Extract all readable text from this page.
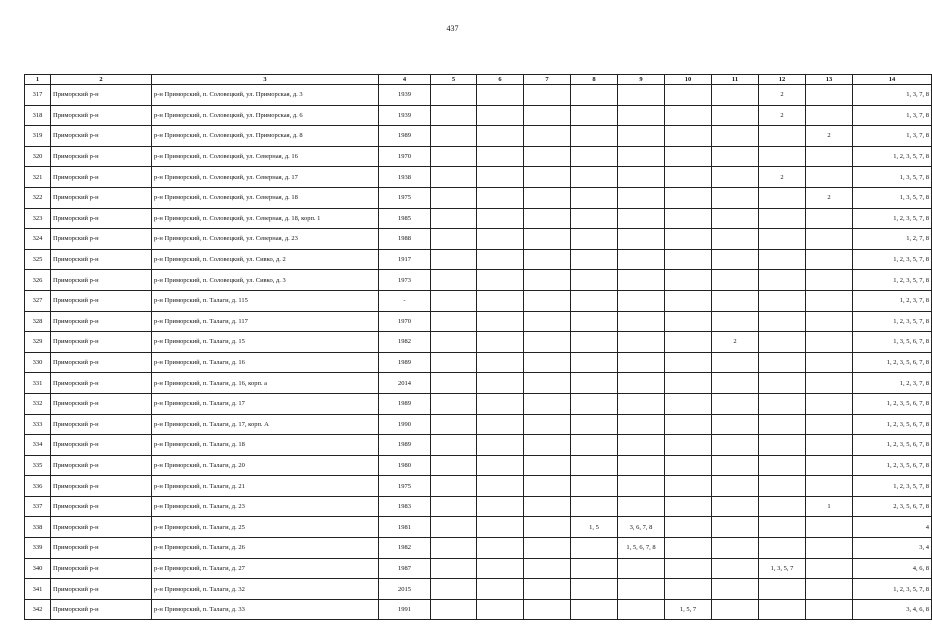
437
1	2	3	4	5	6	7	8	9	10	11	12	13	14
317	Приморский р-н	р-н Приморский, п. Соловецкий, ул. Приморская, д. 3	1939								2		1, 3, 7, 8
318	Приморский р-н	р-н Приморский, п. Соловецкий, ул. Приморская, д. 6	1939								2		1, 3, 7, 8
319	Приморский р-н	р-н Приморский, п. Соловецкий, ул. Приморская, д. 8	1989									2	1, 3, 7, 8
320	Приморский р-н	р-н Приморский, п. Соловецкий, ул. Северная, д. 16	1970										1, 2, 3, 5, 7, 8
321	Приморский р-н	р-н Приморский, п. Соловецкий, ул. Северная, д. 17	1938								2		1, 3, 5, 7, 8
322	Приморский р-н	р-н Приморский, п. Соловецкий, ул. Северная, д. 18	1975									2	1, 3, 5, 7, 8
323	Приморский р-н	р-н Приморский, п. Соловецкий, ул. Северная, д. 18, корп. 1	1985										1, 2, 3, 5, 7, 8
324	Приморский р-н	р-н Приморский, п. Соловецкий, ул. Северная, д. 23	1988										1, 2, 7, 8
325	Приморский р-н	р-н Приморский, п. Соловецкий, ул. Сивко, д. 2	1917										1, 2, 3, 5, 7, 8
326	Приморский р-н	р-н Приморский, п. Соловецкий, ул. Сивко, д. 3	1973										1, 2, 3, 5, 7, 8
327	Приморский р-н	р-н Приморский, п. Талаги, д. 115	-										1, 2, 3, 7, 8
328	Приморский р-н	р-н Приморский, п. Талаги, д. 117	1970										1, 2, 3, 5, 7, 8
329	Приморский р-н	р-н Приморский, п. Талаги, д. 15	1982							2			1, 3, 5, 6, 7, 8
330	Приморский р-н	р-н Приморский, п. Талаги, д. 16	1989										1, 2, 3, 5, 6, 7, 8
331	Приморский р-н	р-н Приморский, п. Талаги, д. 16, корп. а	2014										1, 2, 3, 7, 8
332	Приморский р-н	р-н Приморский, п. Талаги, д. 17	1989										1, 2, 3, 5, 6, 7, 8
333	Приморский р-н	р-н Приморский, п. Талаги, д. 17, корп. А	1990										1, 2, 3, 5, 6, 7, 8
334	Приморский р-н	р-н Приморский, п. Талаги, д. 18	1989										1, 2, 3, 5, 6, 7, 8
335	Приморский р-н	р-н Приморский, п. Талаги, д. 20	1980										1, 2, 3, 5, 6, 7, 8
336	Приморский р-н	р-н Приморский, п. Талаги, д. 21	1975										1, 2, 3, 5, 7, 8
337	Приморский р-н	р-н Приморский, п. Талаги, д. 23	1983									1	2, 3, 5, 6, 7, 8
338	Приморский р-н	р-н Приморский, п. Талаги, д. 25	1981				1, 5	3, 6, 7, 8					4
339	Приморский р-н	р-н Приморский, п. Талаги, д. 26	1982					1, 5, 6, 7, 8					3, 4
340	Приморский р-н	р-н Приморский, п. Талаги, д. 27	1987								1, 3, 5, 7		4, 6, 8
341	Приморский р-н	р-н Приморский, п. Талаги, д. 32	2015										1, 2, 3, 5, 7, 8
342	Приморский р-н	р-н Приморский, п. Талаги, д. 33	1991						1, 5, 7				3, 4, 6, 8
